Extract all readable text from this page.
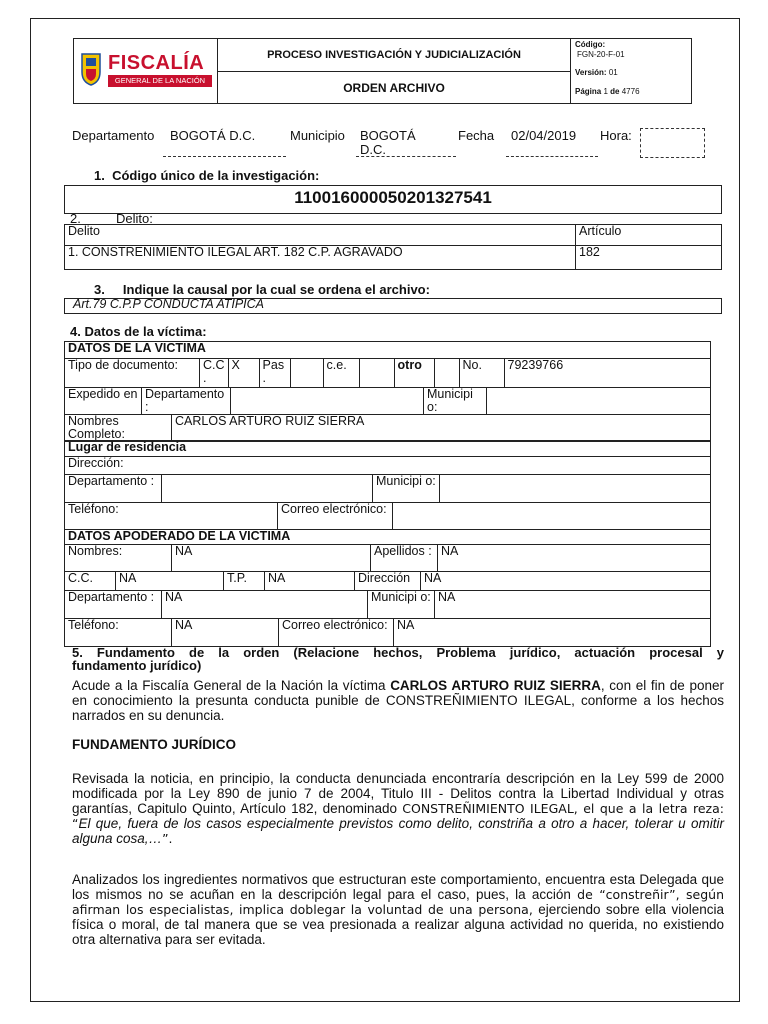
FISCALÍA
GENERAL DE LA NACIÓN
PROCESO INVESTIGACIÓN Y JUDICIALIZACIÓN
ORDEN ARCHIVO
Código:
FGN-20-F-01
Versión: 01
Página 1 de 4776
Departamento BOGOTÁ D.C.	Municipio BOGOTÁ
D.C.
Fecha 02/04/2019 Hora:
1. Código único de la investigación:
110016000050201327541
2.	Delito:
Delito	Artículo
1. CONSTRENIMIENTO ILEGAL ART. 182 C.P. AGRAVADO	182
3. Indique la causal por la cual se ordena el archivo:
Art.79 C.P.P CONDUCTA ATIPICA
4. Datos de la víctima:
DATOS DE LA VICTIMA
Tipo de documento:	C.C .	X	Pas .		c.e.		otro		No.	79239766
Expedido en	Departamento :		Municipi o:	
Nombres Completo:	CARLOS ARTURO RUIZ SIERRA
Lugar de residencia
Dirección:
Departamento :		Municipi o:	
Teléfono:	Correo electrónico:	
DATOS APODERADO DE LA VICTIMA
Nombres:	NA	Apellidos :	NA
C.C.	NA	T.P.	NA	Dirección	NA
Departamento :	NA	Municipi o:	NA
Teléfono:	NA	Correo electrónico:	NA
5. Fundamento de la orden (Relacione hechos, Problema jurídico, actuación procesal y
fundamento jurídico)
Acude a la Fiscalía General de la Nación la víctima CARLOS ARTURO RUIZ SIERRA, con el fin de poner en conocimiento la presunta conducta punible de CONSTREÑIMIENTO ILEGAL, conforme a los hechos narrados en su denuncia.
FUNDAMENTO JURÍDICO
Revisada la noticia, en principio, la conducta denunciada encontraría descripción en la Ley 599 de 2000 modificada por la Ley 890 de junio 7 de 2004, Titulo III - Delitos contra la Libertad Individual y otras garantías, Capitulo Quinto, Artículo 182, denominado CONSTREÑIMIENTO ILEGAL, el que a la letra reza: “El que, fuera de los casos especialmente previstos como delito, constriña a otro a hacer, tolerar u omitir alguna cosa,…”.
Analizados los ingredientes normativos que estructuran este comportamiento, encuentra esta Delegada que los mismos no se acuñan en la descripción legal para el caso, pues, la acción de “constreñir”, según afirman los especialistas, implica doblegar la voluntad de una persona, ejerciendo sobre ella violencia física o moral, de tal manera que se vea presionada a realizar alguna actividad no querida, no existiendo otra alternativa para ser evitada.
